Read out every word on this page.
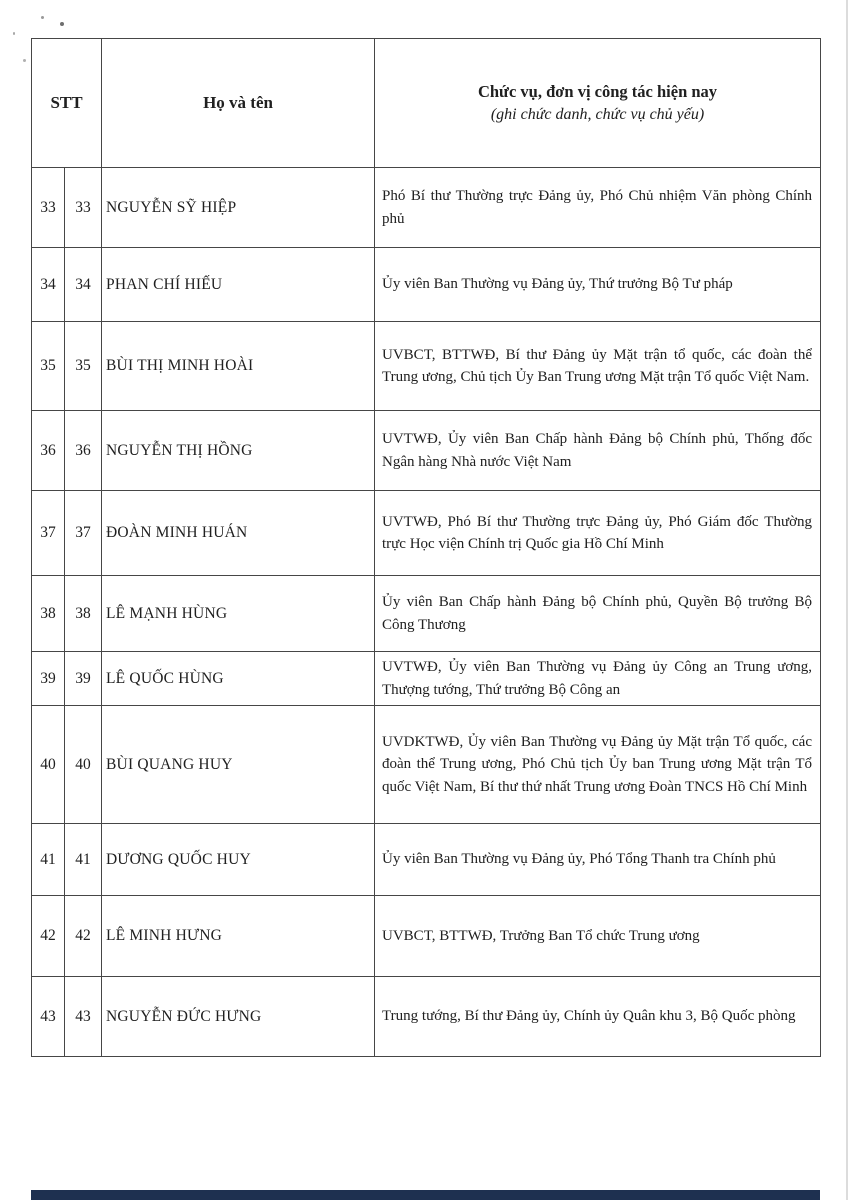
STT		Họ và tên	Chức vụ, đơn vị công tác hiện nay
(ghi chức danh, chức vụ chủ yếu)

33	33	NGUYỄN SỸ HIỆP	Phó Bí thư Thường trực Đảng ủy, Phó Chủ nhiệm Văn phòng Chính phủ
34	34	PHAN CHÍ HIẾU	Ủy viên Ban Thường vụ Đảng ủy, Thứ trưởng Bộ Tư pháp
35	35	BÙI THỊ MINH HOÀI	UVBCT, BTTWĐ, Bí thư Đảng ủy Mặt trận tổ quốc, các đoàn thể Trung ương, Chủ tịch Ủy Ban Trung ương Mặt trận Tổ quốc Việt Nam.
36	36	NGUYỄN THỊ HỒNG	UVTWĐ, Ủy viên Ban Chấp hành Đảng bộ Chính phủ, Thống đốc Ngân hàng Nhà nước Việt Nam
37	37	ĐOÀN MINH HUÁN	UVTWĐ, Phó Bí thư Thường trực Đảng ủy, Phó Giám đốc Thường trực Học viện Chính trị Quốc gia Hồ Chí Minh
38	38	LÊ MẠNH HÙNG	Ủy viên Ban Chấp hành Đảng bộ Chính phủ, Quyền Bộ trưởng Bộ Công Thương
39	39	LÊ QUỐC HÙNG	UVTWĐ, Ủy viên Ban Thường vụ Đảng ủy Công an Trung ương, Thượng tướng, Thứ trưởng Bộ Công an
40	40	BÙI QUANG HUY	UVDKTWĐ, Ủy viên Ban Thường vụ Đảng ủy Mặt trận Tổ quốc, các đoàn thể Trung ương, Phó Chủ tịch Ủy ban Trung ương Mặt trận Tổ quốc Việt Nam, Bí thư thứ nhất Trung ương Đoàn TNCS Hồ Chí Minh
41	41	DƯƠNG QUỐC HUY	Ủy viên Ban Thường vụ Đảng ủy, Phó Tổng Thanh tra Chính phủ
42	42	LÊ MINH HƯNG	UVBCT, BTTWĐ, Trưởng Ban Tổ chức Trung ương
43	43	NGUYỄN ĐỨC HƯNG	Trung tướng, Bí thư Đảng ủy, Chính ủy Quân khu 3, Bộ Quốc phòng
